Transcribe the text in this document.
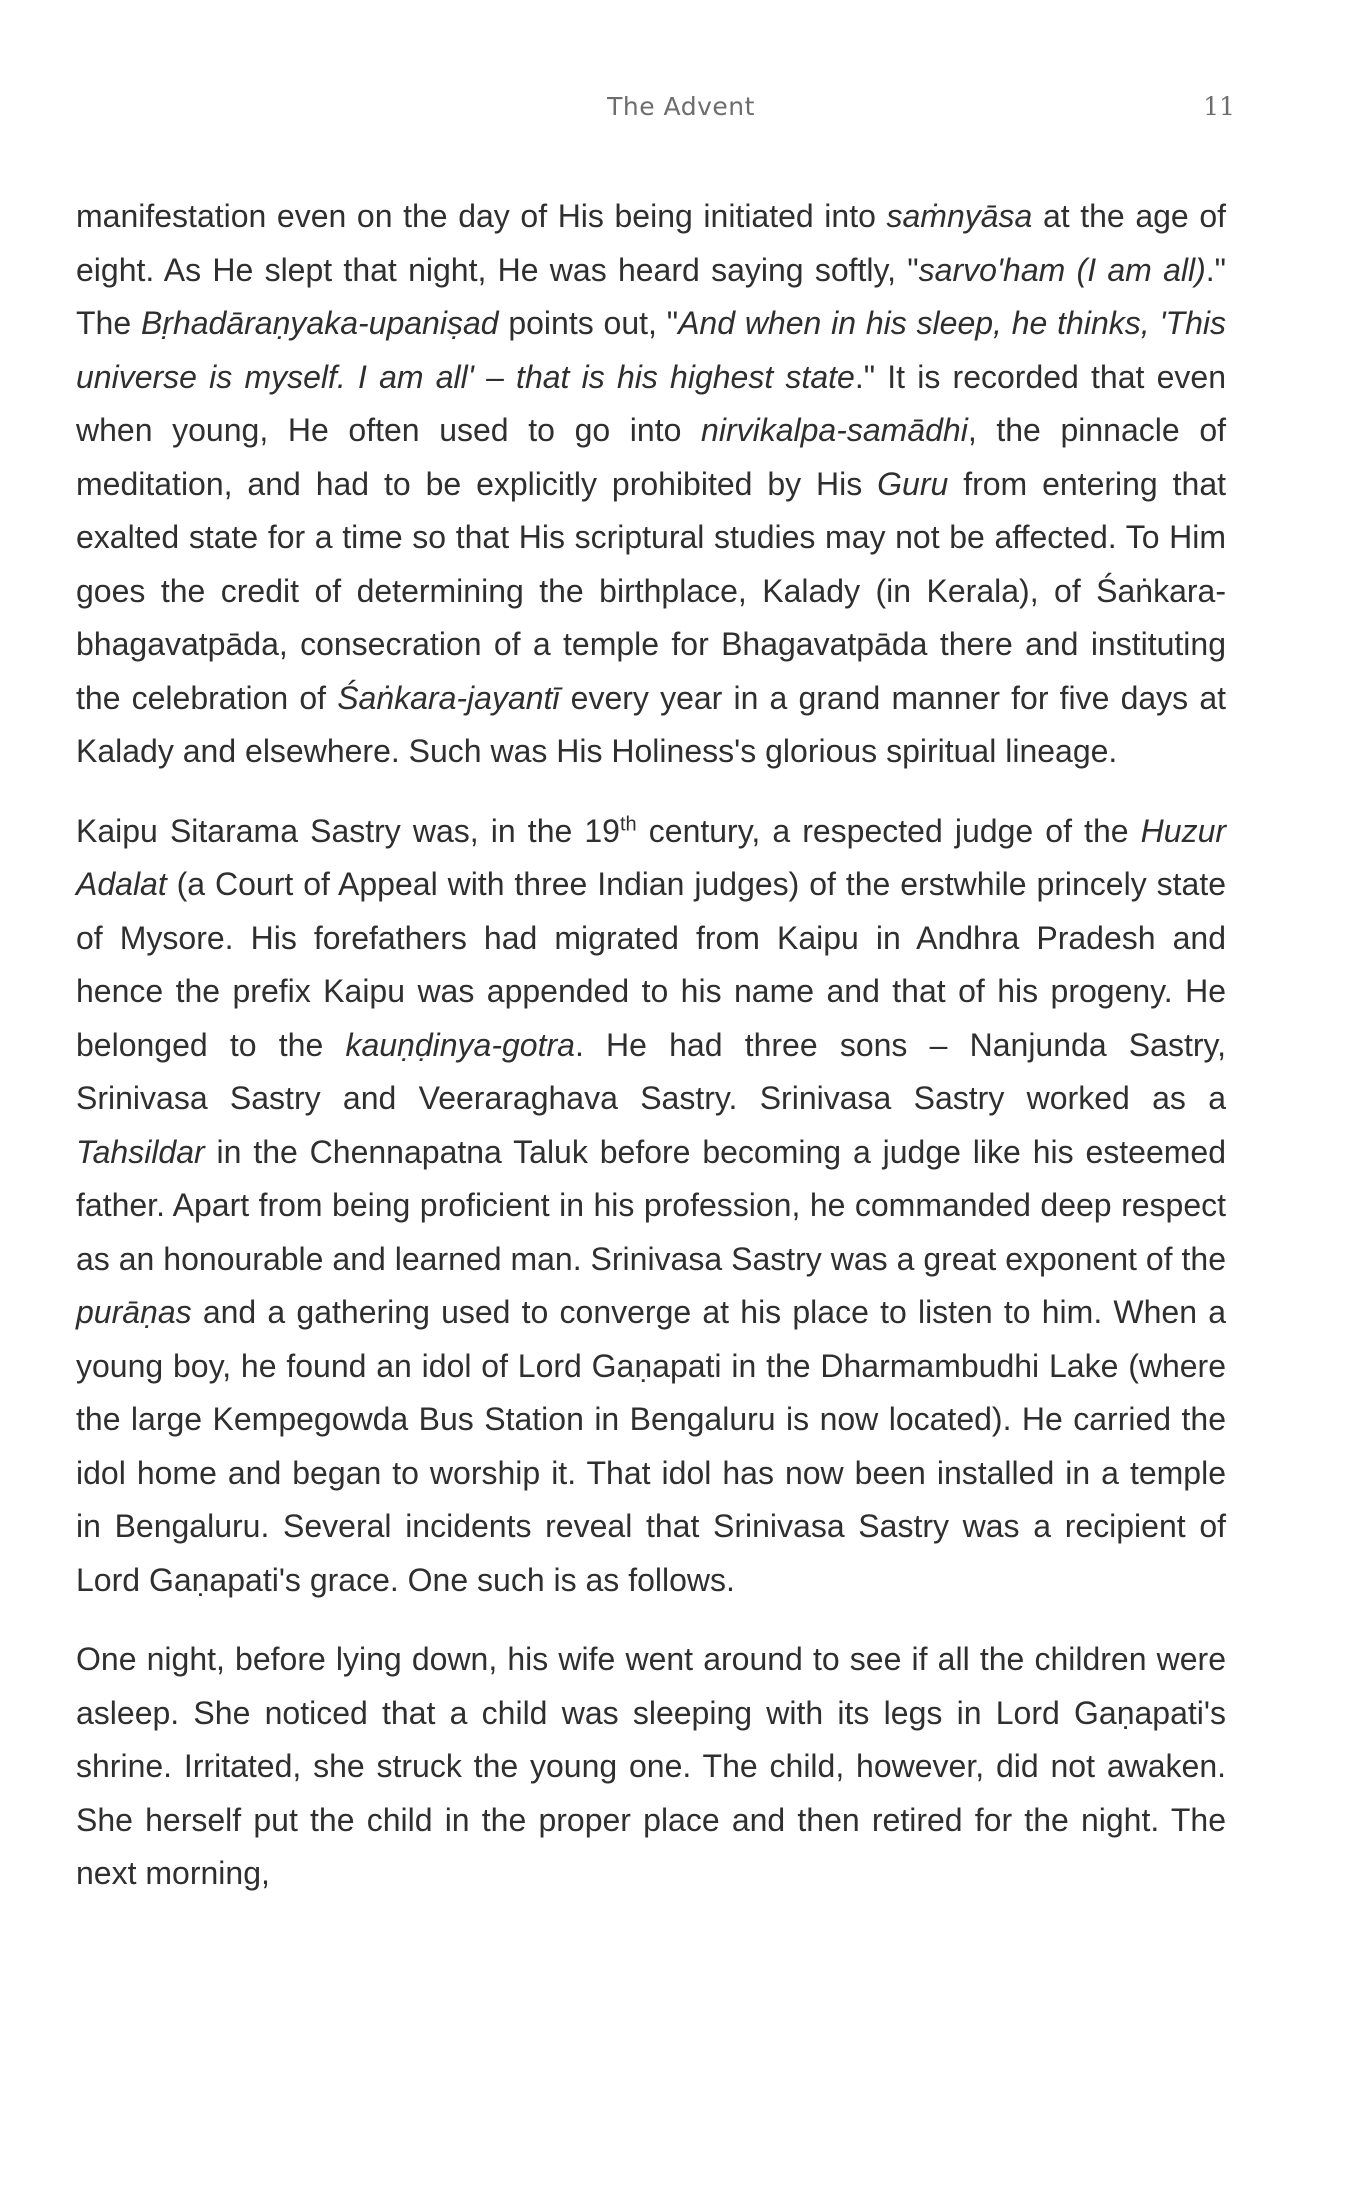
The Advent	11

manifestation even on the day of His being initiated into saṁnyāsa at the age of eight. As He slept that night, He was heard saying softly, "sarvo'ham (I am all)." The Bṛhadāraṇyaka-upaniṣad points out, "And when in his sleep, he thinks, 'This universe is myself. I am all' – that is his highest state." It is recorded that even when young, He often used to go into nirvikalpa-samādhi, the pinnacle of meditation, and had to be explicitly prohibited by His Guru from entering that exalted state for a time so that His scriptural studies may not be affected. To Him goes the credit of determining the birthplace, Kalady (in Kerala), of Śaṅkara-bhagavatpāda, consecration of a temple for Bhagavatpāda there and instituting the celebration of Śaṅkara-jayantī every year in a grand manner for five days at Kalady and elsewhere. Such was His Holiness's glorious spiritual lineage.

Kaipu Sitarama Sastry was, in the 19th century, a respected judge of the Huzur Adalat (a Court of Appeal with three Indian judges) of the erstwhile princely state of Mysore. His forefathers had migrated from Kaipu in Andhra Pradesh and hence the prefix Kaipu was appended to his name and that of his progeny. He belonged to the kauṇḍinya-gotra. He had three sons – Nanjunda Sastry, Srinivasa Sastry and Veeraraghava Sastry. Srinivasa Sastry worked as a Tahsildar in the Chennapatna Taluk before becoming a judge like his esteemed father. Apart from being proficient in his profession, he commanded deep respect as an honourable and learned man. Srinivasa Sastry was a great exponent of the purāṇas and a gathering used to converge at his place to listen to him. When a young boy, he found an idol of Lord Gaṇapati in the Dharmambudhi Lake (where the large Kempegowda Bus Station in Bengaluru is now located). He carried the idol home and began to worship it. That idol has now been installed in a temple in Bengaluru. Several incidents reveal that Srinivasa Sastry was a recipient of Lord Gaṇapati's grace. One such is as follows.

One night, before lying down, his wife went around to see if all the children were asleep. She noticed that a child was sleeping with its legs in Lord Gaṇapati's shrine. Irritated, she struck the young one. The child, however, did not awaken. She herself put the child in the proper place and then retired for the night. The next morning,
